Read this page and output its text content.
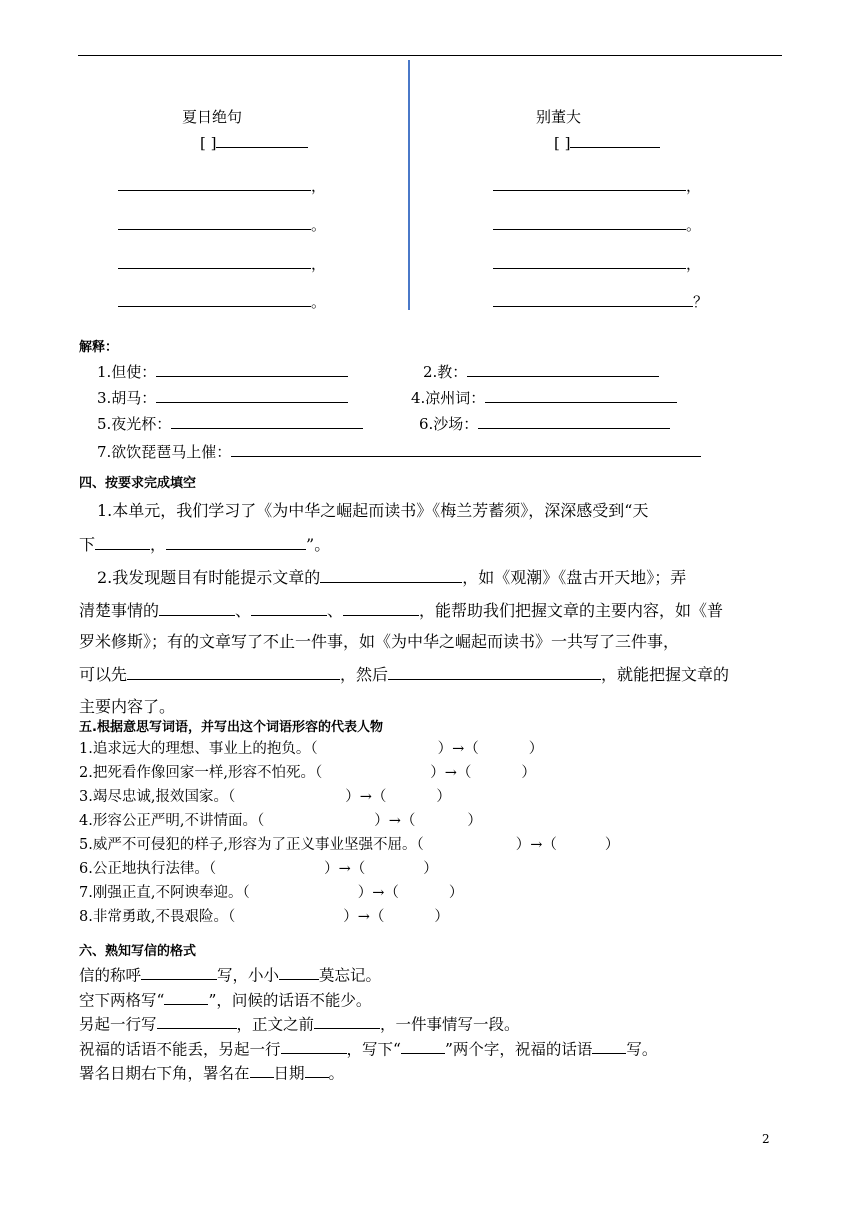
夏日绝句
[ ]
，
。
，
。
别董大
[ ]
，
。
，
？
解释：
1.但使：	2.教：
3.胡马：	4.凉州词：
5.夜光杯：	6.沙场：
7.欲饮琵琶马上催：
四、按要求完成填空
1.本单元，我们学习了《为中华之崛起而读书》《梅兰芳蓄须》，深深感受到“天
下	，	”。
2.我发现题目有时能提示文章的	，如《观潮》《盘古开天地》；弄
清楚事情的	、	、	，能帮助我们把握文章的主要内容，如《普
罗米修斯》；有的文章写了不止一件事，如《为中华之崛起而读书》一共写了三件事，
可以先	，然后	，就能把握文章的
主要内容了。
五.根据意思写词语，并写出这个词语形容的代表人物
1.追求远大的理想、事业上的抱负。（	）→（	）
2.把死看作像回家一样,形容不怕死。（	）→（	）
3.竭尽忠诚,报效国家。（	）→（	）
4.形容公正严明,不讲情面。（	）→（	）
5.威严不可侵犯的样子,形容为了正义事业坚强不屈。（	）→（	）
6.公正地执行法律。（	）→（	）
7.刚强正直,不阿谀奉迎。（	）→（	）
8.非常勇敢,不畏艰险。（	）→（	）
六、熟知写信的格式
信的称呼	写，小小	莫忘记。
空下两格写“	”，问候的话语不能少。
另起一行写	，正文之前	，一件事情写一段。
祝福的话语不能丢，另起一行	，写下“	”两个字，祝福的话语 写。
署名日期右下角，署名在 日期 。
2
